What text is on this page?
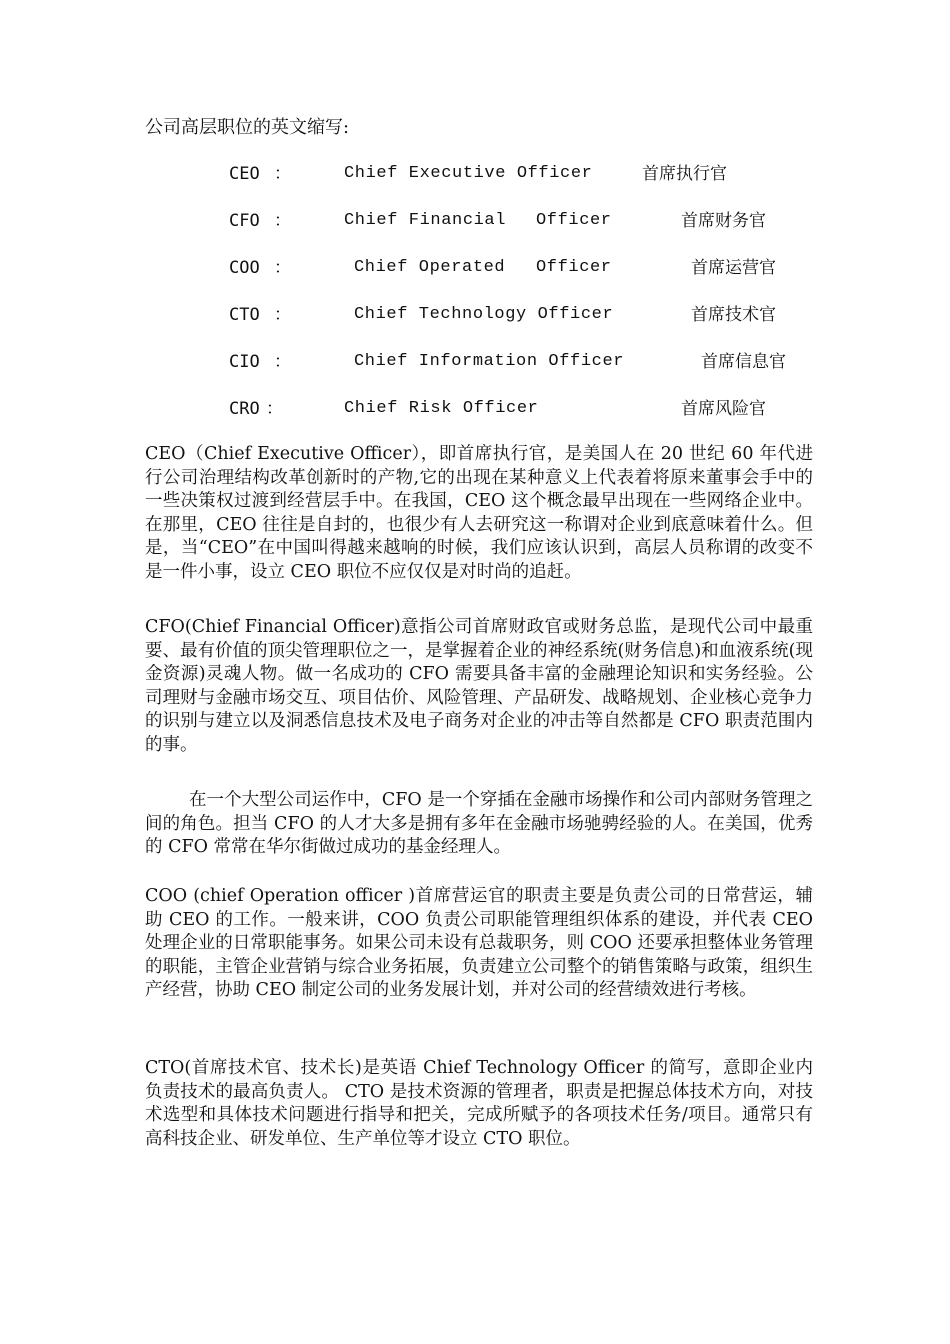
公司高层职位的英文缩写:
CEO ：	Chief Executive Officer	首席执行官
CFO ：	Chief Financial Officer	首席财务官
COO ：	Chief Operated Officer	首席运营官
CTO ：	Chief Technology Officer	首席技术官
CIO ：	Chief Information Officer	首席信息官
CRO ：	Chief Risk Officer	首席风险官

CEO（Chief Executive Officer），即首席执行官，是美国人在 20 世纪 60 年代进行公司治理结构改革创新时的产物,它的出现在某种意义上代表着将原来董事会手中的一些决策权过渡到经营层手中。在我国，CEO 这个概念最早出现在一些网络企业中。在那里，CEO 往往是自封的，也很少有人去研究这一称谓对企业到底意味着什么。但是，当“CEO”在中国叫得越来越响的时候，我们应该认识到，高层人员称谓的改变不是一件小事，设立 CEO 职位不应仅仅是对时尚的追赶。

CFO(Chief Financial Officer)意指公司首席财政官或财务总监，是现代公司中最重要、最有价值的顶尖管理职位之一，是掌握着企业的神经系统(财务信息)和血液系统(现金资源)灵魂人物。做一名成功的 CFO 需要具备丰富的金融理论知识和实务经验。公司理财与金融市场交互、项目估价、风险管理、产品研发、战略规划、企业核心竞争力的识别与建立以及洞悉信息技术及电子商务对企业的冲击等自然都是 CFO 职责范围内的事。

在一个大型公司运作中，CFO 是一个穿插在金融市场操作和公司内部财务管理之间的角色。担当 CFO 的人才大多是拥有多年在金融市场驰骋经验的人。在美国，优秀的 CFO 常常在华尔街做过成功的基金经理人。

COO (chief Operation officer )首席营运官的职责主要是负责公司的日常营运，辅助 CEO 的工作。一般来讲，COO 负责公司职能管理组织体系的建设，并代表 CEO处理企业的日常职能事务。如果公司未设有总裁职务，则 COO 还要承担整体业务管理的职能，主管企业营销与综合业务拓展，负责建立公司整个的销售策略与政策，组织生产经营，协助 CEO 制定公司的业务发展计划，并对公司的经营绩效进行考核。

CTO(首席技术官、技术长)是英语 Chief Technology Officer 的简写，意即企业内负责技术的最高负责人。 CTO 是技术资源的管理者，职责是把握总体技术方向，对技术选型和具体技术问题进行指导和把关，完成所赋予的各项技术任务/项目。通常只有高科技企业、研发单位、生产单位等才设立 CTO 职位。
